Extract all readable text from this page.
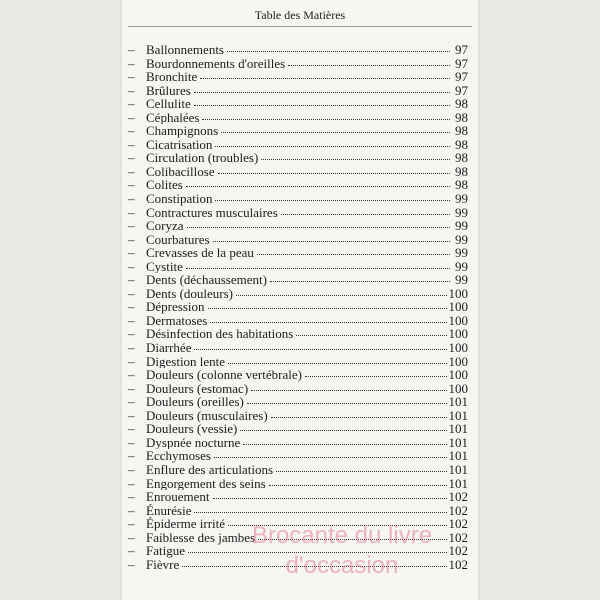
Table des Matières
– Ballonnements	97
– Bourdonnements d'oreilles	97
– Bronchite	97
– Brûlures	97
– Cellulite	98
– Céphalées	98
– Champignons	98
– Cicatrisation	98
– Circulation (troubles)	98
– Colibacillose	98
– Colites	98
– Constipation	99
– Contractures musculaires	99
– Coryza	99
– Courbatures	99
– Crevasses de la peau	99
– Cystite	99
– Dents (déchaussement)	99
– Dents (douleurs)	100
– Dépression	100
– Dermatoses	100
– Désinfection des habitations	100
– Diarrhée	100
– Digestion lente	100
– Douleurs (colonne vertébrale)	100
– Douleurs (estomac)	100
– Douleurs (oreilles)	101
– Douleurs (musculaires)	101
– Douleurs (vessie)	101
– Dyspnée nocturne	101
– Ecchymoses	101
– Enflure des articulations	101
– Engorgement des seins	101
– Enrouement	102
– Énurésie	102
– Épiderme irrité	102
– Faiblesse des jambes	102
– Fatigue	102
– Fièvre	102
Brocante du livre
d'occasion
